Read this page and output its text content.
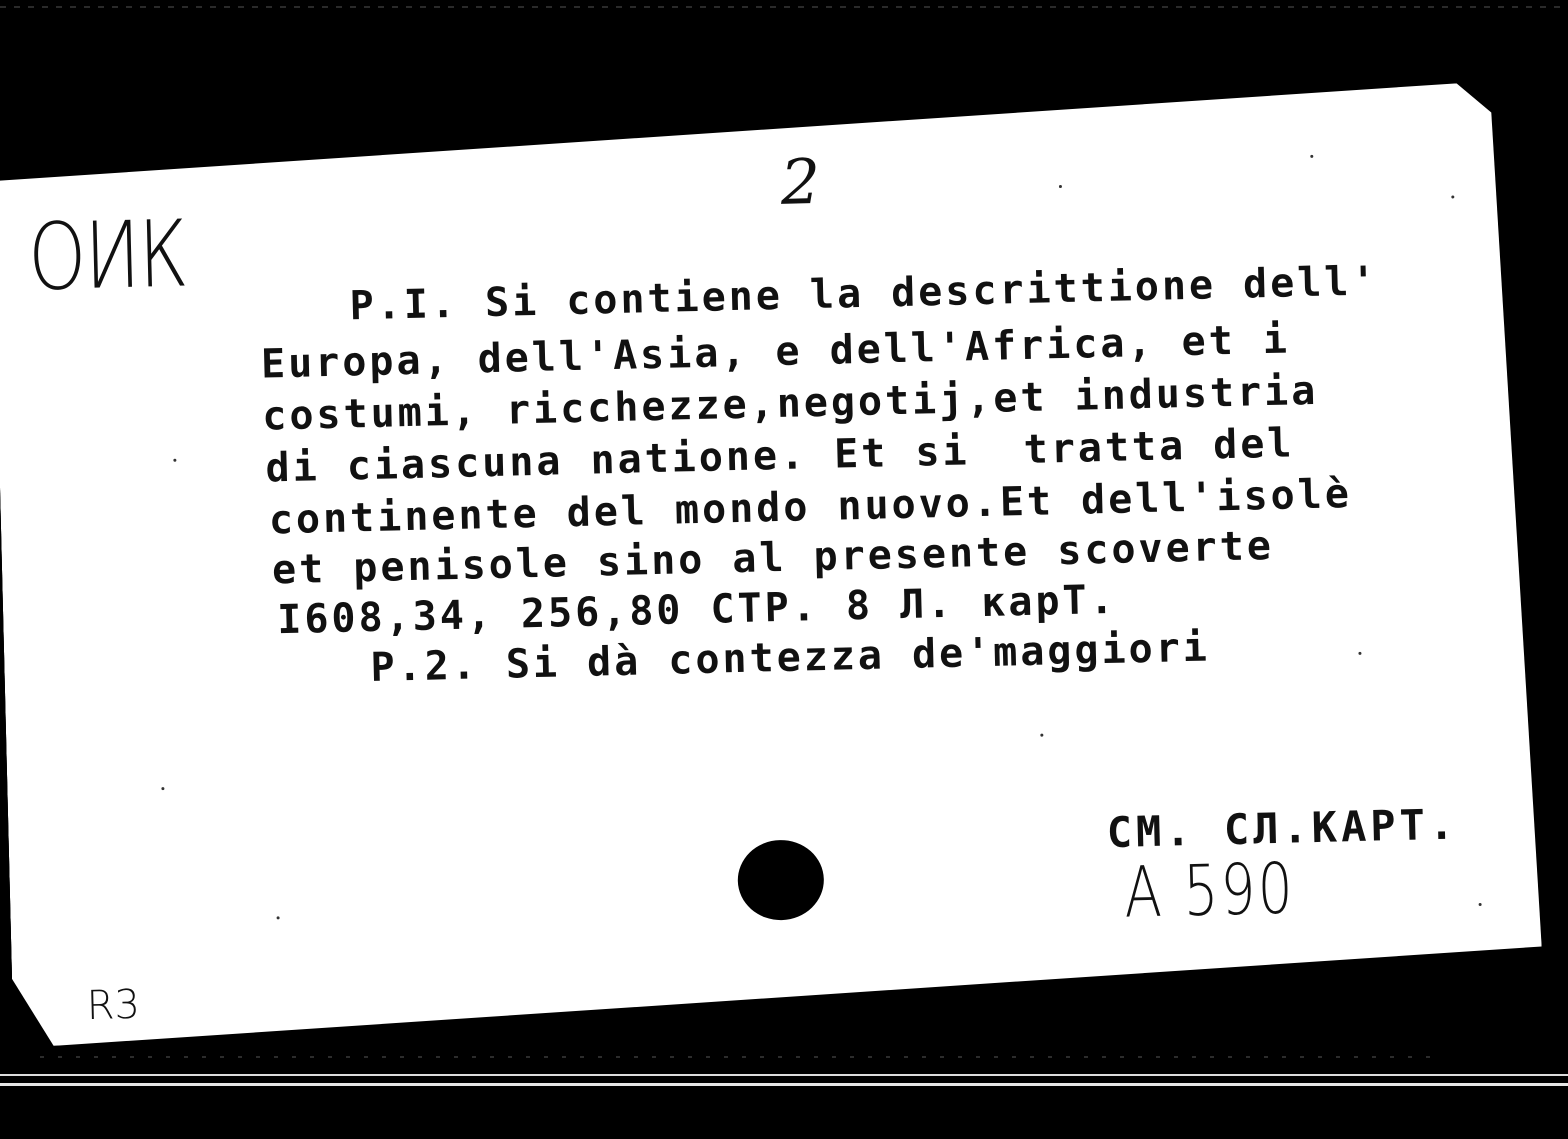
ОИК
2
P.I. Si contiene la descrittione dell'
Europa, dell'Asia, e dell'Africa, et i
costumi, ricchezze,negotij,et industria
di ciascuna natione. Et si  tratta del
continente del mondo nuovo.Et dell'isolè
et penisole sino al presente scoverte
I608,34, 256,80 СТР. 8 Л. карТ.
P.2. Si dà contezza de'maggiori
СМ. СЛ.КАРТ.
A 590
R3
